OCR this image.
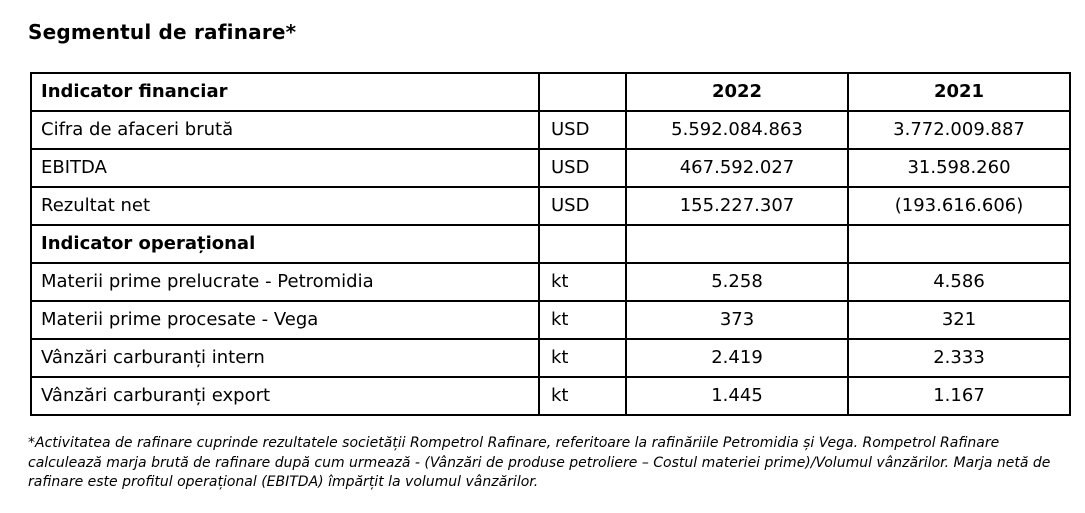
Segmentul de rafinare*
Indicator financiar		2022	2021
Cifra de afaceri brută	USD	5.592.084.863	3.772.009.887
EBITDA	USD	467.592.027	31.598.260
Rezultat net	USD	155.227.307	(193.616.606)
Indicator operațional			
Materii prime prelucrate - Petromidia	kt	5.258	4.586
Materii prime procesate - Vega	kt	373	321
Vânzări carburanți intern	kt	2.419	2.333
Vânzări carburanți export	kt	1.445	1.167
*Activitatea de rafinare cuprinde rezultatele societății Rompetrol Rafinare, referitoare la rafinăriile Petromidia și Vega. Rompetrol Rafinare calculează marja brută de rafinare după cum urmează - (Vânzări de produse petroliere – Costul materiei prime)/Volumul vânzărilor. Marja netă de rafinare este profitul operațional (EBITDA) împărțit la volumul vânzărilor.
